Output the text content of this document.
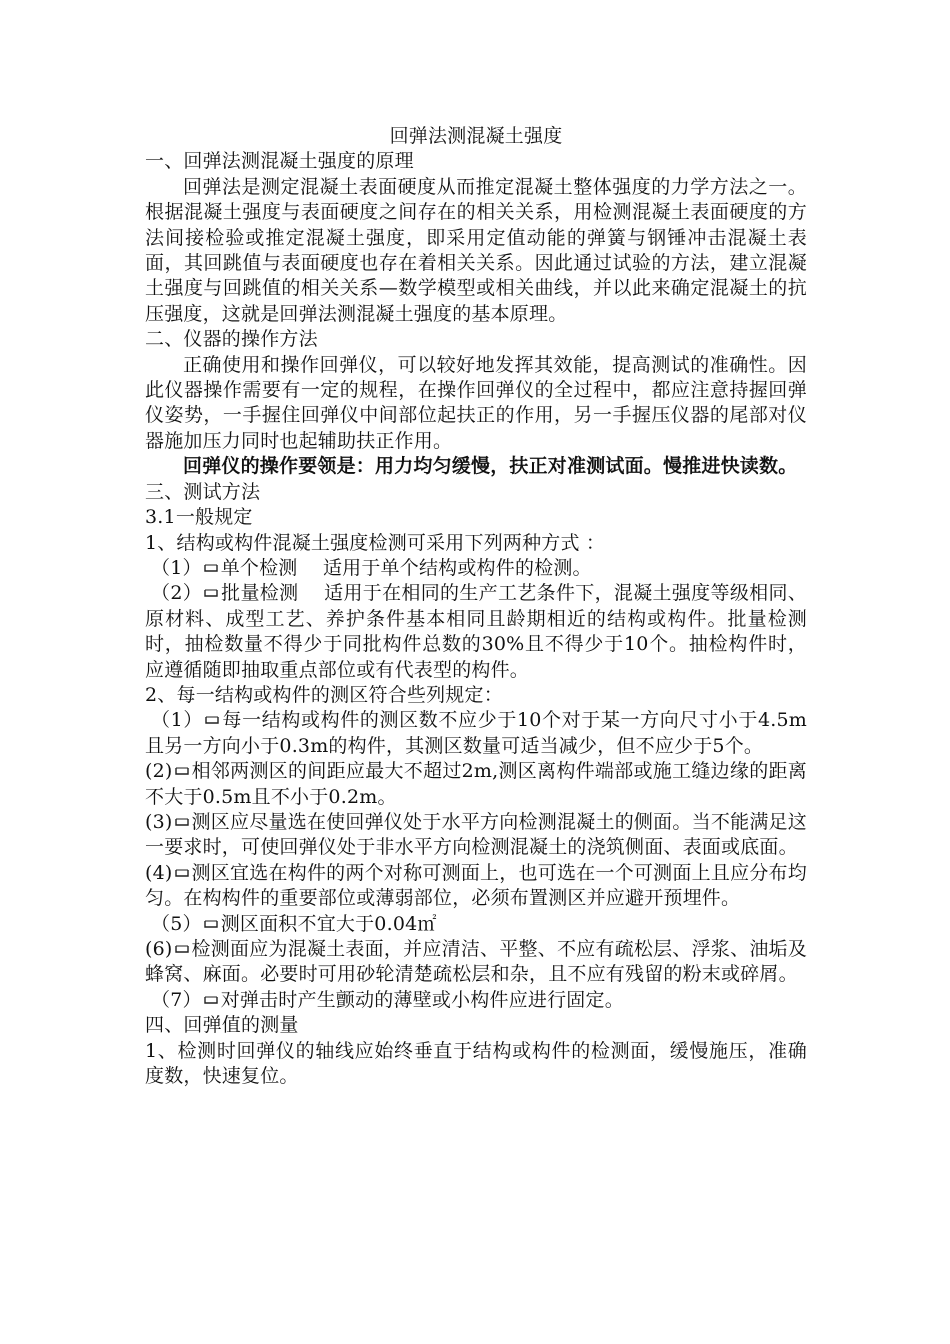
回弹法测混凝土强度

一、回弹法测混凝土强度的原理

回弹法是测定混凝土表面硬度从而推定混凝土整体强度的力学方法之一。根据混凝土强度与表面硬度之间存在的相关关系，用检测混凝土表面硬度的方法间接检验或推定混凝土强度，即采用定值动能的弹簧与钢锤冲击混凝土表面，其回跳值与表面硬度也存在着相关关系。因此通过试验的方法，建立混凝土强度与回跳值的相关关系—数学模型或相关曲线，并以此来确定混凝土的抗压强度，这就是回弹法测混凝土强度的基本原理。

二、仪器的操作方法

正确使用和操作回弹仪，可以较好地发挥其效能，提高测试的准确性。因此仪器操作需要有一定的规程，在操作回弹仪的全过程中，都应注意持握回弹仪姿势，一手握住回弹仪中间部位起扶正的作用，另一手握压仪器的尾部对仪器施加压力同时也起辅助扶正作用。

回弹仪的操作要领是：用力均匀缓慢，扶正对准测试面。慢推进快读数。

三、测试方法

3.1一般规定

1、结构或构件混凝土强度检测可采用下列两种方式 ：

（1） 单个检测　 适用于单个结构或构件的检测。

（2） 批量检测　 适用于在相同的生产工艺条件下，混凝土强度等级相同、原材料、成型工艺、养护条件基本相同且龄期相近的结构或构件。批量检测时，抽检数量不得少于同批构件总数的30%且不得少于10个。抽检构件时，应遵循随即抽取重点部位或有代表型的构件。

2、每一结构或构件的测区符合些列规定：

（1） 每一结构或构件的测区数不应少于10个对于某一方向尺寸小于4.5m且另一方向小于0.3m的构件，其测区数量可适当减少，但不应少于5个。

(2) 相邻两测区的间距应最大不超过2m,测区离构件端部或施工缝边缘的距离不大于0.5m且不小于0.2m。

(3) 测区应尽量选在使回弹仪处于水平方向检测混凝土的侧面。当不能满足这一要求时，可使回弹仪处于非水平方向检测混凝土的浇筑侧面、表面或底面。

(4) 测区宜选在构件的两个对称可测面上，也可选在一个可测面上且应分布均匀。在构构件的重要部位或薄弱部位，必须布置测区并应避开预埋件。

（5） 测区面积不宜大于0.04㎡

(6) 检测面应为混凝土表面，并应清洁、平整、不应有疏松层、浮浆、油垢及蜂窝、麻面。必要时可用砂轮清楚疏松层和杂，且不应有残留的粉末或碎屑。

（7） 对弹击时产生颤动的薄壁或小构件应进行固定。

四、回弹值的测量

1、检测时回弹仪的轴线应始终垂直于结构或构件的检测面，缓慢施压，准确度数，快速复位。
